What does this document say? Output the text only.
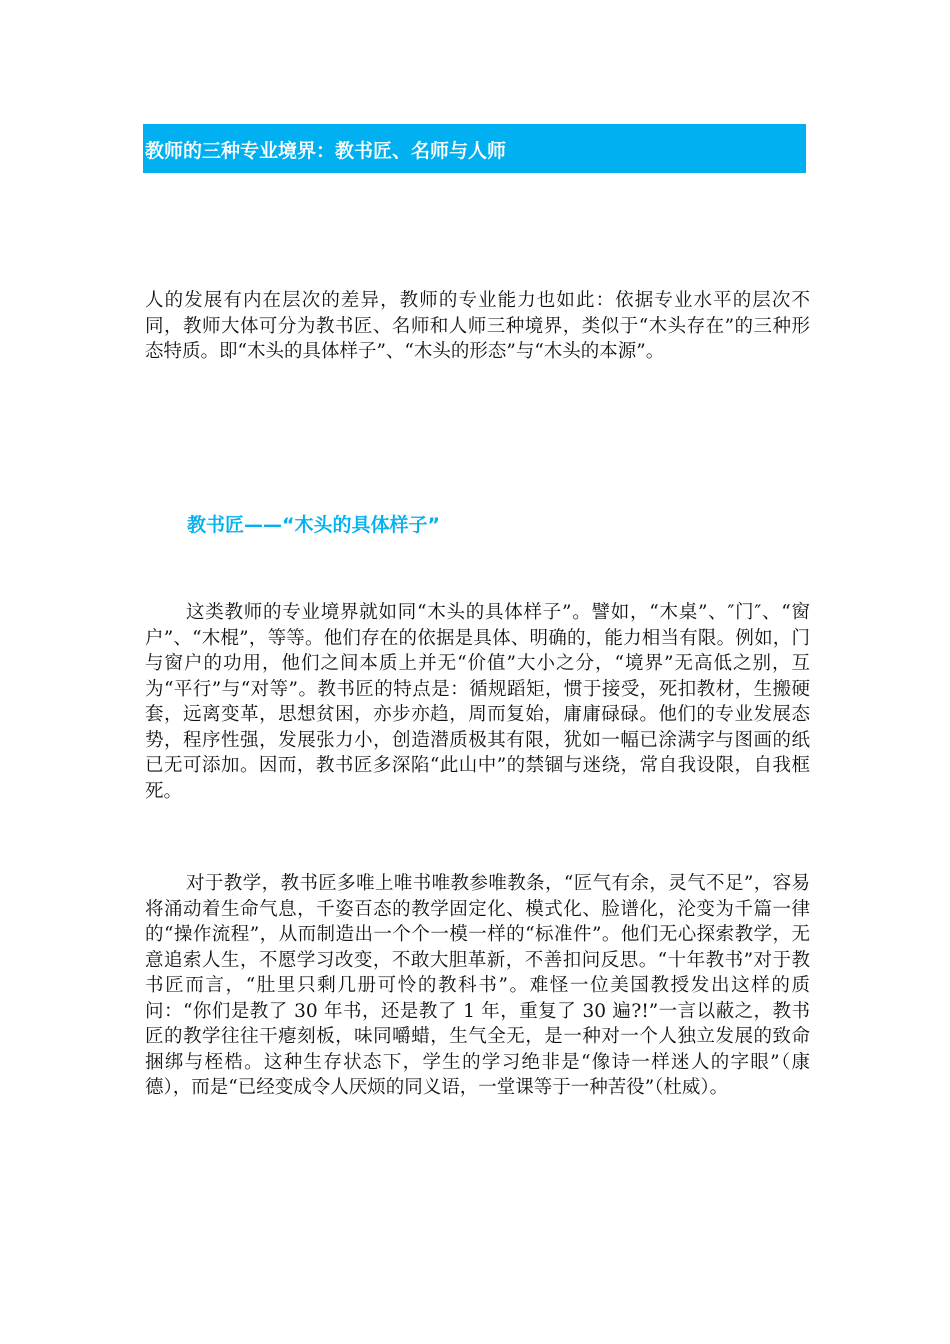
教师的三种专业境界：教书匠、名师与人师

人的发展有内在层次的差异，教师的专业能力也如此：依据专业水平的层次不同，教师大体可分为教书匠、名师和人师三种境界，类似于“木头存在”的三种形态特质。即“木头的具体样子”、“木头的形态”与“木头的本源”。

教书匠——“木头的具体样子”

这类教师的专业境界就如同“木头的具体样子”。譬如，“木桌”、″门″、“窗户”、“木棍”，等等。他们存在的依据是具体、明确的，能力相当有限。例如，门与窗户的功用，他们之间本质上并无“价值”大小之分，“境界”无高低之别，互为“平行”与“对等”。教书匠的特点是：循规蹈矩，惯于接受，死扣教材，生搬硬套，远离变革，思想贫困，亦步亦趋，周而复始，庸庸碌碌。他们的专业发展态势，程序性强，发展张力小，创造潜质极其有限，犹如一幅已涂满字与图画的纸已无可添加。因而，教书匠多深陷“此山中”的禁锢与迷绕，常自我设限，自我框死。

对于教学，教书匠多唯上唯书唯教参唯教条，“匠气有余，灵气不足”，容易将涌动着生命气息，千姿百态的教学固定化、模式化、脸谱化，沦变为千篇一律的“操作流程”，从而制造出一个个一模一样的“标准件”。他们无心探索教学，无意追索人生，不愿学习改变，不敢大胆革新，不善扣问反思。“十年教书”对于教书匠而言，“肚里只剩几册可怜的教科书”。难怪一位美国教授发出这样的质问：“你们是教了 30 年书，还是教了 1 年，重复了 30 遍?!”一言以蔽之，教书匠的教学往往干瘪刻板，味同嚼蜡，生气全无，是一种对一个人独立发展的致命捆绑与桎梏。这种生存状态下，学生的学习绝非是“像诗一样迷人的字眼”（康德），而是“已经变成令人厌烦的同义语，一堂课等于一种苦役”（杜威）。
